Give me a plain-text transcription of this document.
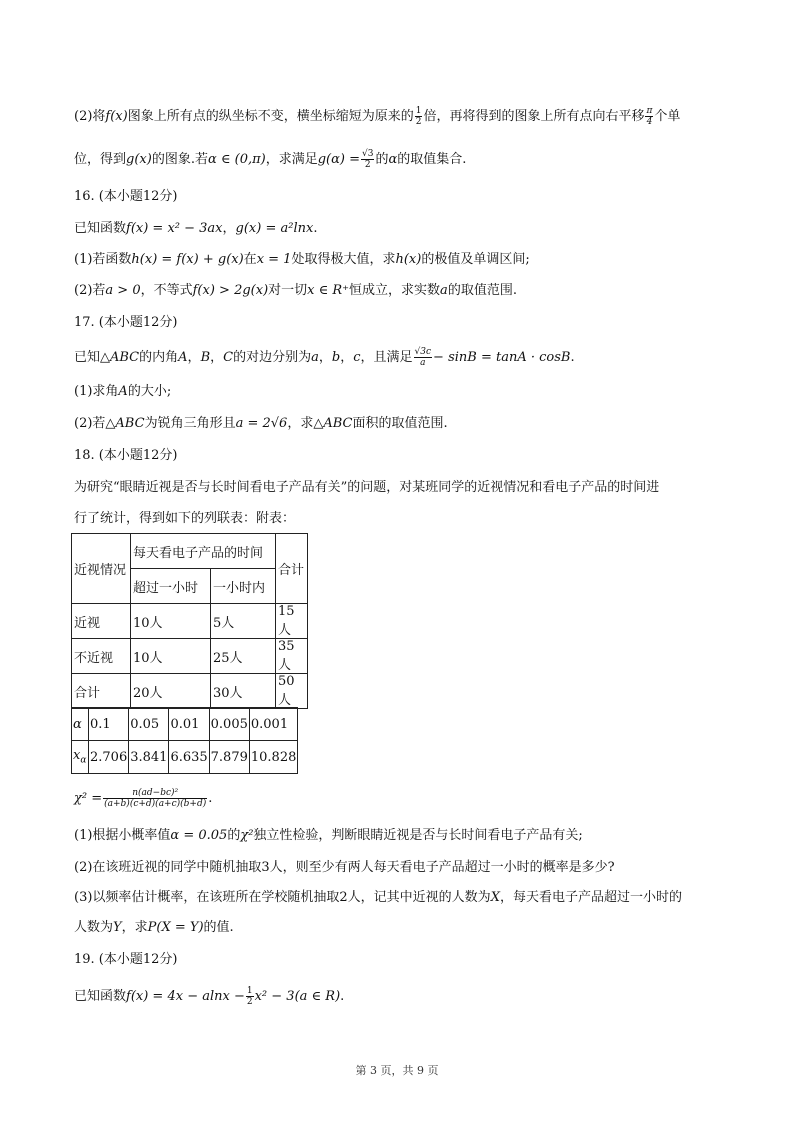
(2)将f(x)图象上所有点的纵坐标不变，横坐标缩短为原来的 $\frac{1}{2}$ 倍，再将得到的图象上所有点向右平移 $\frac{\pi}{4}$ 个单
位，得到g(x)的图象.若α ∈ (0,π)，求满足$g(\alpha) = \frac{√3}{2}$ 的α的取值集合.
16. (本小题12分)
已知函数f(x) = x² − 3ax，g(x) = a²lnx.
(1)若函数h(x) = f(x) + g(x)在x = 1处取得极大值，求h(x)的极值及单调区间;
(2)若a > 0，不等式f(x) > 2g(x)对一切x ∈ R⁺恒成立，求实数a的取值范围.
17. (本小题12分)
已知△ABC的内角A，B，C的对边分别为a，b，c，且满足 $\frac{√3c}{a} - \sin B = \tan A \cdot \cos B$.
(1)求角A的大小;
(2)若△ABC为锐角三角形且a = 2√6，求△ABC面积的取值范围.
18. (本小题12分)
为研究“眼睛近视是否与长时间看电子产品有关”的问题，对某班同学的近视情况和看电子产品的时间进
行了统计，得到如下的列联表：附表：
近视情况	每天看电子产品的时间		合计
	超过一小时	一小时内	
近视	10人	5人	15人
不近视	10人	25人	35人
合计	20人	30人	50人
α	0.1	0.05	0.01	0.005	0.001
$x_\alpha$	2.706	3.841	6.635	7.879	10.828
$\chi^2 = \frac{\text{n(ad−bc)²}}{(a+b)(c+d)(a+c)(b+d)}$ .
(1)根据小概率值α = 0.05的χ²独立性检验，判断眼睛近视是否与长时间看电子产品有关;
(2)在该班近视的同学中随机抽取3人，则至少有两人每天看电子产品超过一小时的概率是多少?
(3)以频率估计概率，在该班所在学校随机抽取2人，记其中近视的人数为X，每天看电子产品超过一小时的
人数为Y，求P(X = Y)的值.
19. (本小题12分)
已知函数$f(x) = 4x - alnx - \frac{1}{2} x^2 - 3(a$ ∈ R).
第 3 页，共 9 页
